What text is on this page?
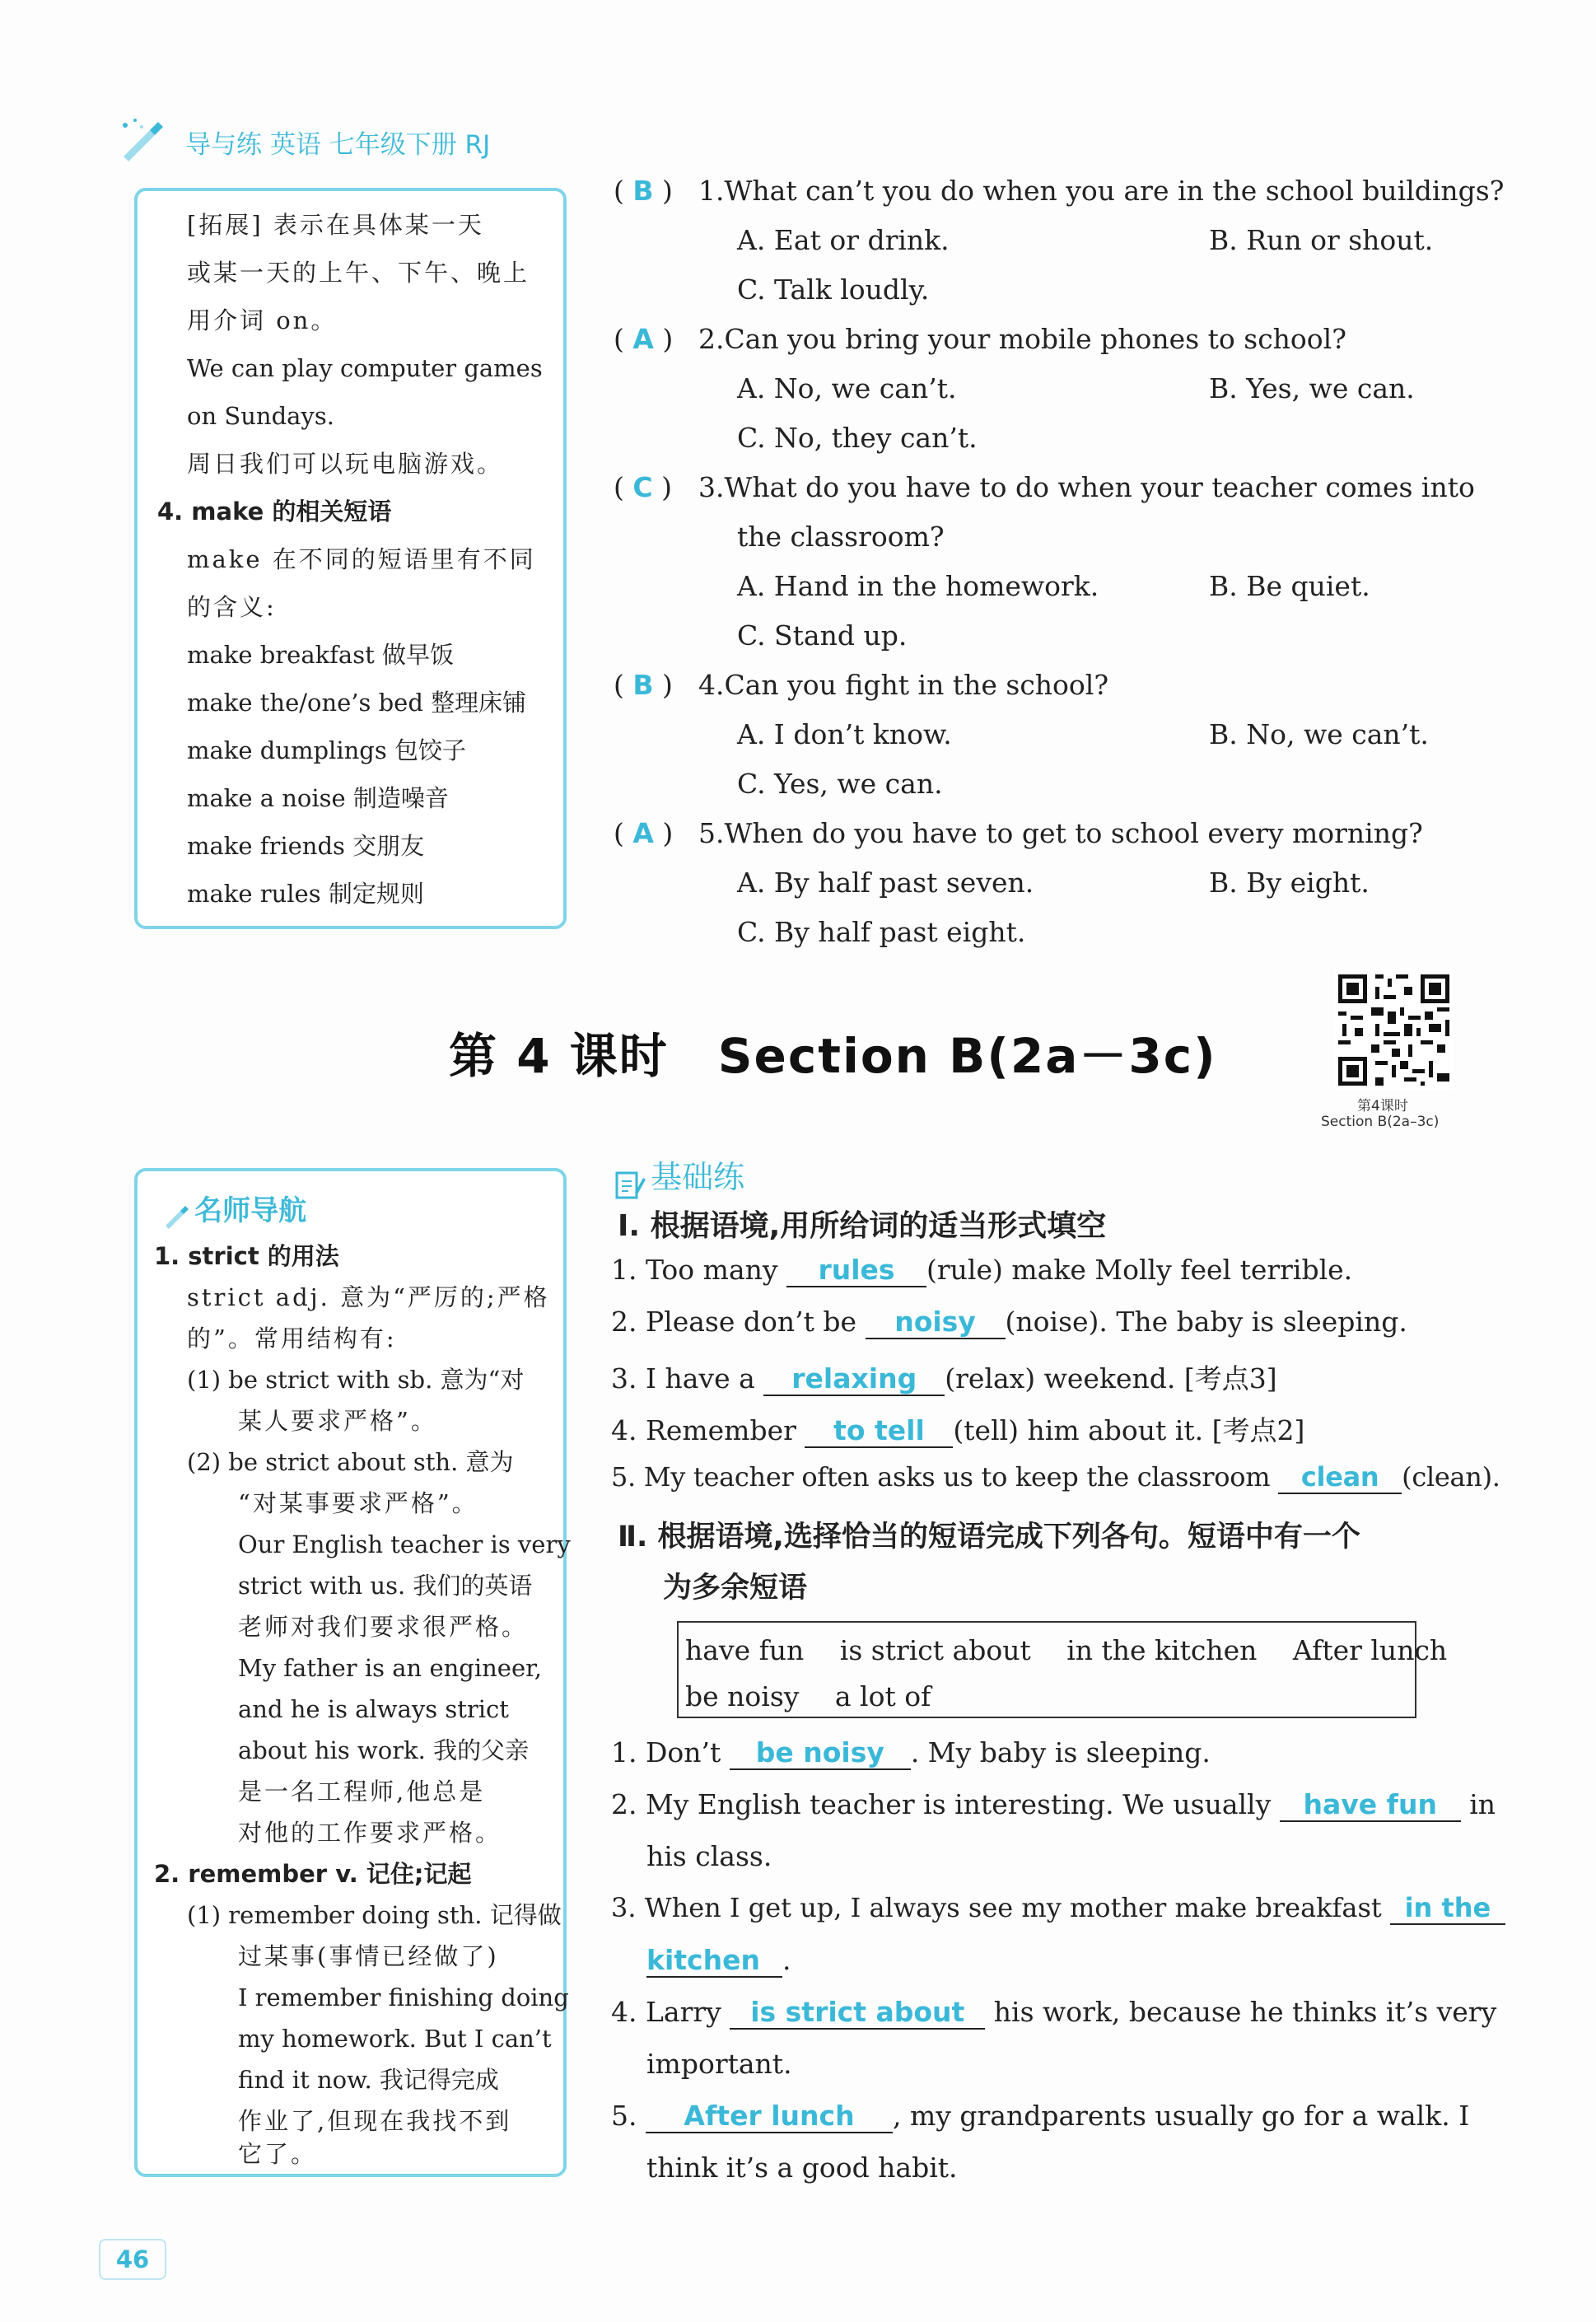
导与练 英语 七年级下册 RJ
[拓展] 表示在具体某一天
或某一天的上午、下午、晚上
用介词 on。
We can play computer games
on Sundays.
周日我们可以玩电脑游戏。
4. make 的相关短语
make 在不同的短语里有不同
的含义:
make breakfast 做早饭
make the/one’s bed 整理床铺
make dumplings 包饺子
make a noise 制造噪音
make friends 交朋友
make rules 制定规则
( B ) 1.What can’t you do when you are in the school buildings?
A. Eat or drink.	B. Run or shout.
C. Talk loudly.
( A ) 2.Can you bring your mobile phones to school?
A. No, we can’t.	B. Yes, we can.
C. No, they can’t.
( C ) 3.What do you have to do when your teacher comes into
the classroom?
A. Hand in the homework.	B. Be quiet.
C. Stand up.
( B ) 4.Can you fight in the school?
A. I don’t know.	B. No, we can’t.
C. Yes, we can.
( A ) 5.When do you have to get to school every morning?
A. By half past seven.	B. By eight.
C. By half past eight.
第 4 课时　Section B(2a－3c)
第4课时
Section B(2a–3c)
名师导航
1. strict 的用法
strict adj. 意为“严厉的;严格
的”。常用结构有:
(1) be strict with sb. 意为“对
某人要求严格”。
(2) be strict about sth. 意为
“对某事要求严格”。
Our English teacher is very
strict with us. 我们的英语
老师对我们要求很严格。
My father is an engineer,
and he is always strict
about his work. 我的父亲
是一名工程师,他总是
对他的工作要求严格。
2. remember v. 记住;记起
(1) remember doing sth. 记得做
过某事(事情已经做了)
I remember finishing doing
my homework. But I can’t
find it now. 我记得完成
作业了,但现在我找不到
它了。
基础练
Ⅰ. 根据语境,用所给词的适当形式填空
1. Too many rules (rule) make Molly feel terrible.
2. Please don’t be noisy (noise). The baby is sleeping.
3. I have a relaxing (relax) weekend. [考点3]
4. Remember to tell (tell) him about it. [考点2]
5. My teacher often asks us to keep the classroom clean (clean).
Ⅱ. 根据语境,选择恰当的短语完成下列各句。短语中有一个
为多余短语
have fun　 is strict about　 in the kitchen　 After lunch
be noisy　 a lot of
1. Don’t be noisy . My baby is sleeping.
2. My English teacher is interesting. We usually have fun in
his class.
3. When I get up, I always see my mother make breakfast in the
kitchen .
4. Larry is strict about his work, because he thinks it’s very
important.
5. After lunch , my grandparents usually go for a walk. I
think it’s a good habit.
46
